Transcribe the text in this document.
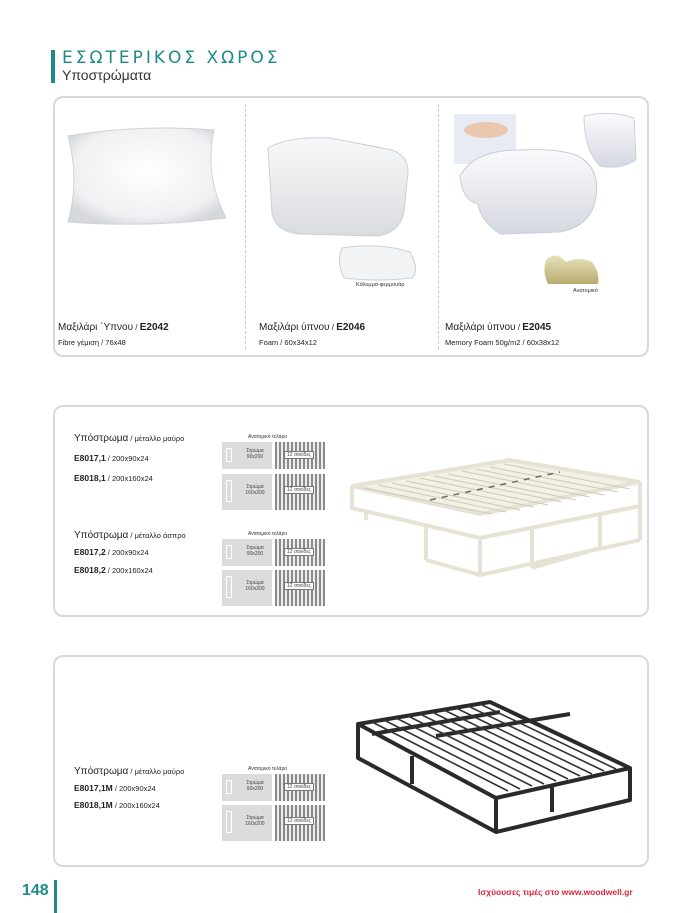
ΕΣΩΤΕΡΙΚΟΣ ΧΩΡΟΣ
Υποστρώματα
Κάλυμμα-φερμουάρ
Ανατομικό
Μαξιλάρι ΄Υπνου / E2042
Fibre γέμιση / 76x48
Μαξιλάρι ύπνου / E2046
Foam / 60x34x12
Μαξιλάρι ύπνου / E2045
Memory Foam 50g/m2 / 60x38x12
Υπόστρωμα / μέταλλο μαύρο
E8017,1 / 200x90x24
E8018,1 / 200x160x24
Ανατομικό τελάρο
Στρώμα
90x200	12 σανίδες
Στρώμα
160x200	12 σανίδες
Υπόστρωμα / μέταλλο άσπρο
E8017,2 / 200x90x24
E8018,2 / 200x160x24
Ανατομικό τελάρο
Στρώμα
90x200	12 σανίδες
Στρώμα
160x200	12 σανίδες
Ανατομικό τελάρο
Στρώμα
90x200	12 σανίδες
Στρώμα
160x200	12 σανίδες
Υπόστρωμα / μέταλλο μαύρο
E8017,1M / 200x90x24
E8018,1M / 200x160x24
148	Ισχύουσες τιμές στο www.woodwell.gr
